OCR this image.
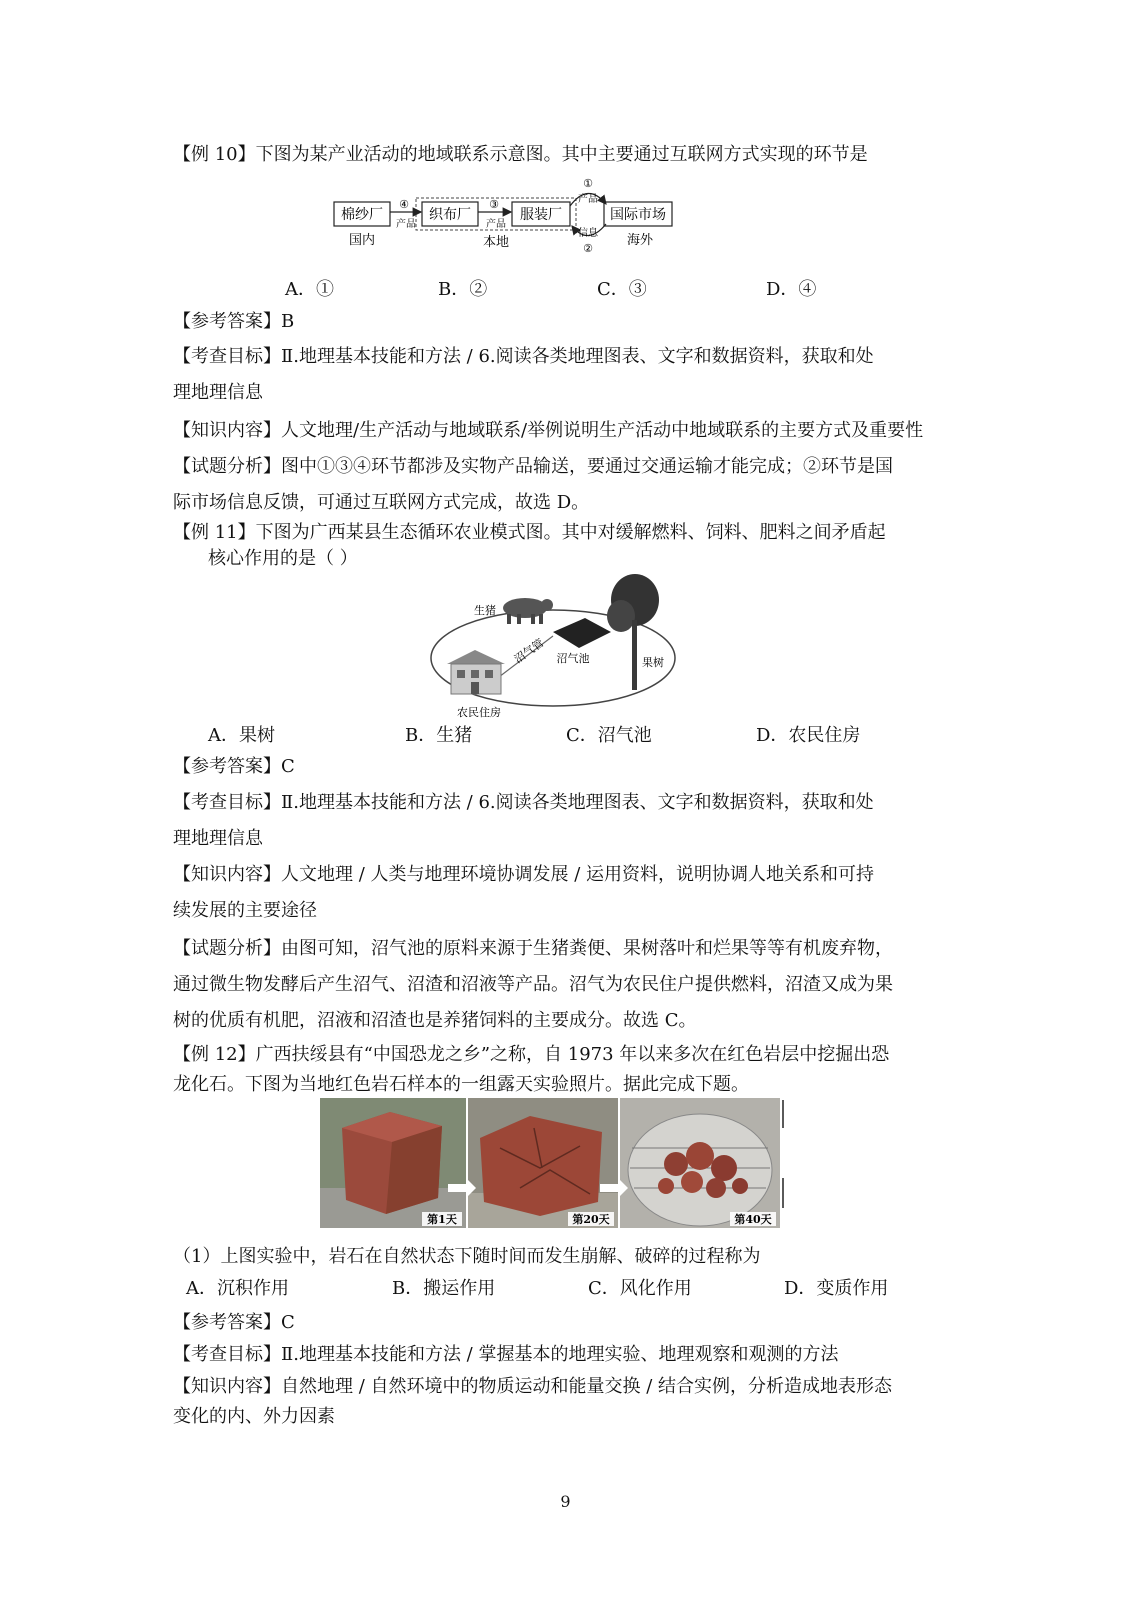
【例 10】下图为某产业活动的地域联系示意图。其中主要通过互联网方式实现的环节是
棉纱厂	织布厂	服装厂	国际市场
④
产品
③
产品
①
产品
信息
②
国内	本地	海外
A．①	B．②	C．③	D．④
【参考答案】B
【考查目标】Ⅱ.地理基本技能和方法 / 6.阅读各类地理图表、文字和数据资料，获取和处
理地理信息
【知识内容】人文地理/生产活动与地域联系/举例说明生产活动中地域联系的主要方式及重要性
【试题分析】图中①③④环节都涉及实物产品输送，要通过交通运输才能完成；②环节是国
际市场信息反馈，可通过互联网方式完成，故选 D。
【例 11】下图为广西某县生态循环农业模式图。其中对缓解燃料、饲料、肥料之间矛盾起
核心作用的是（ ）
生猪
沼气池
沼气管	果树
农民住房
A．果树	B．生猪	C．沼气池	D．农民住房
【参考答案】C
【考查目标】Ⅱ.地理基本技能和方法 / 6.阅读各类地理图表、文字和数据资料，获取和处
理地理信息
【知识内容】人文地理 / 人类与地理环境协调发展 / 运用资料，说明协调人地关系和可持
续发展的主要途径
【试题分析】由图可知，沼气池的原料来源于生猪粪便、果树落叶和烂果等等有机废弃物，
通过微生物发酵后产生沼气、沼渣和沼液等产品。沼气为农民住户提供燃料，沼渣又成为果
树的优质有机肥，沼液和沼渣也是养猪饲料的主要成分。故选 C。
【例 12】广西扶绥县有“中国恐龙之乡”之称，自 1973 年以来多次在红色岩层中挖掘出恐
龙化石。下图为当地红色岩石样本的一组露天实验照片。据此完成下题。
第1天	第20天	第40天
（1）上图实验中，岩石在自然状态下随时间而发生崩解、破碎的过程称为
A．沉积作用	B．搬运作用	C．风化作用	D．变质作用
【参考答案】C
【考查目标】Ⅱ.地理基本技能和方法 / 掌握基本的地理实验、地理观察和观测的方法
【知识内容】自然地理 / 自然环境中的物质运动和能量交换 / 结合实例，分析造成地表形态
变化的内、外力因素
9
